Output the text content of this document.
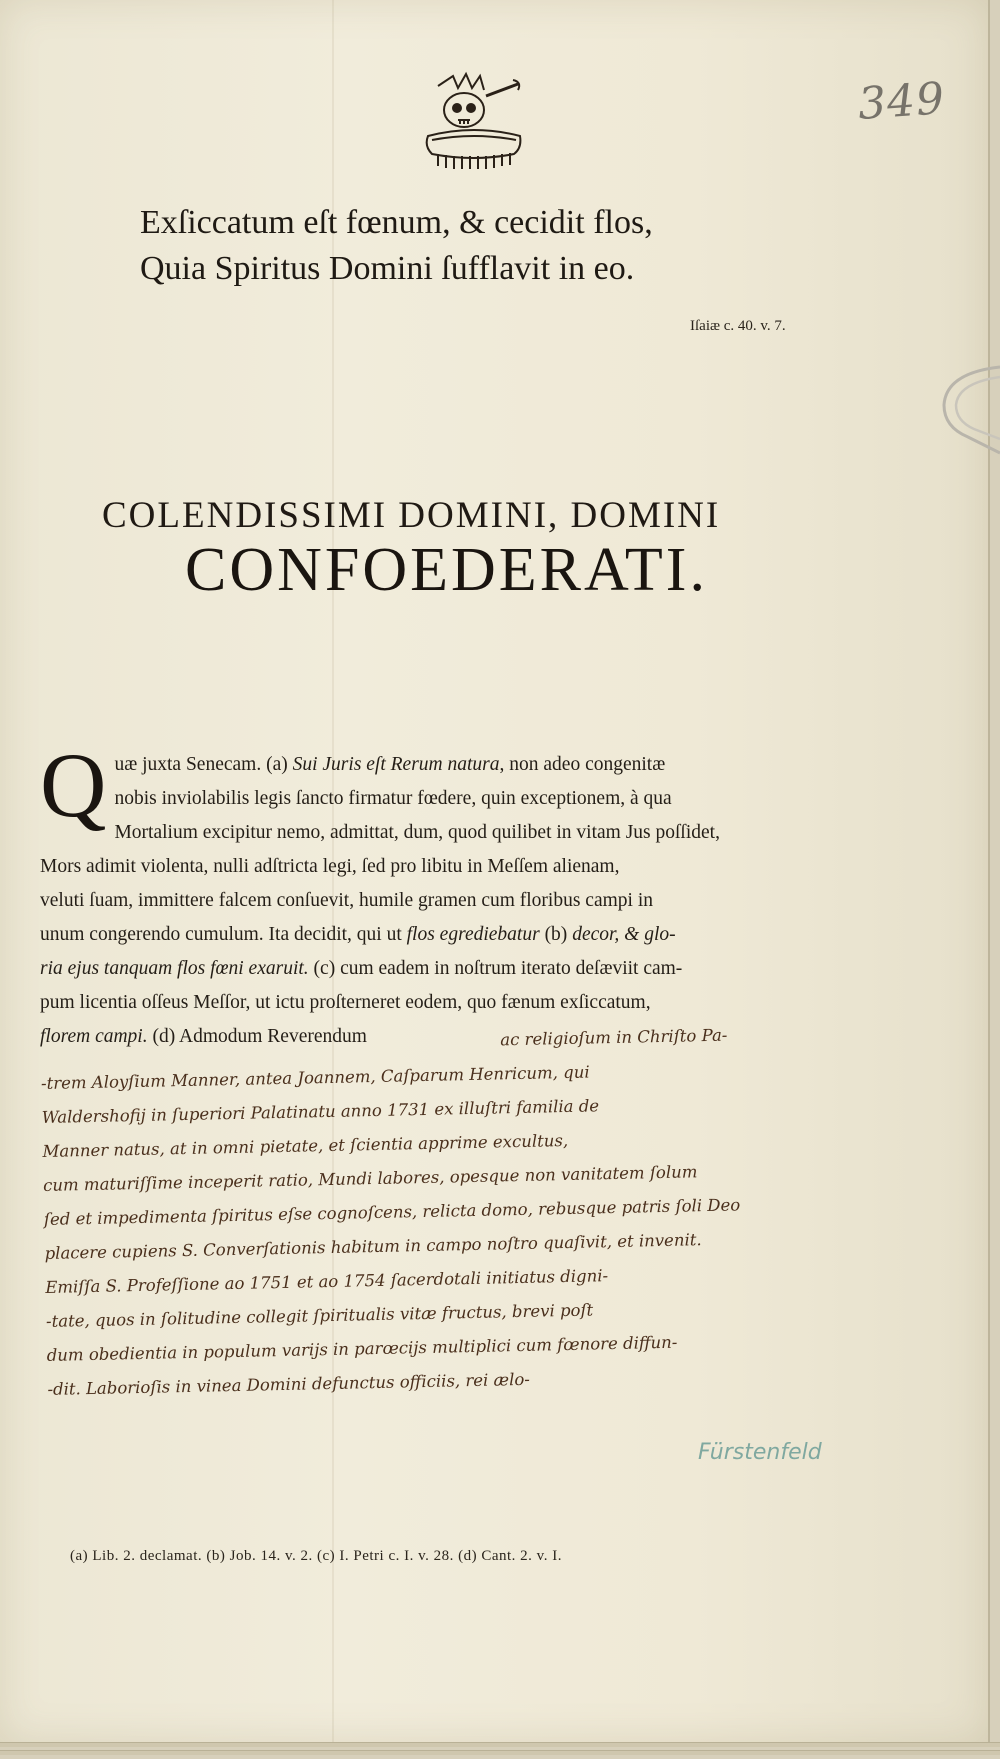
349
Exſiccatum eſt fœnum, & cecidit flos,
Quia Spiritus Domini ſufflavit in eo.
Iſaiæ c. 40. v. 7.
COLENDISSIMI DOMINI, DOMINI
CONFOEDERATI.
Q uæ juxta Senecam. (a) Sui Juris eſt Rerum natura, non adeo congenitæ
nobis inviolabilis legis ſancto firmatur fœdere, quin exceptionem, à qua
Mortalium excipitur nemo, admittat, dum, quod quilibet in vitam Jus poſſidet,
Mors adimit violenta, nulli adſtricta legi, ſed pro libitu in Meſſem alienam,
veluti ſuam, immittere falcem conſuevit, humile gramen cum floribus campi in
unum congerendo cumulum. Ita decidit, qui ut flos egrediebatur (b) decor, & glo-
ria ejus tanquam flos fœni exaruit. (c) cum eadem in noſtrum iterato deſæviit cam-
pum licentia oſſeus Meſſor, ut ictu proſterneret eodem, quo fænum exſiccatum,
florem campi. (d) Admodum Reverendum	ac religioſum in Chriſto Pa-
-trem Aloyſium Manner, antea Joannem, Caſparum Henricum, qui
Waldershofij in ſuperiori Palatinatu anno 1731 ex illuſtri familia de
Manner natus, at in omni pietate, et ſcientia apprime excultus,
cum maturiſſime inceperit ratio, Mundi labores, opesque non vanitatem ſolum
ſed et impedimenta ſpiritus eſse cognoſcens, relicta domo, rebusque patris ſoli Deo
placere cupiens S. Converſationis habitum in campo noſtro quaſivit, et invenit.
Emiſſa S. Profeſſione ao 1751 et ao 1754 ſacerdotali initiatus digni-
-tate, quos in ſolitudine collegit ſpiritualis vitæ fructus, brevi poſt
dum obedientia in populum varijs in parœcijs multiplici cum fœnore diffun-
-dit. Laborioſis in vinea Domini defunctus officiis, rei ælo-
Fürstenfeld
(a) Lib. 2. declamat. (b) Job. 14. v. 2. (c) I. Petri c. I. v. 28. (d) Cant. 2. v. I.
